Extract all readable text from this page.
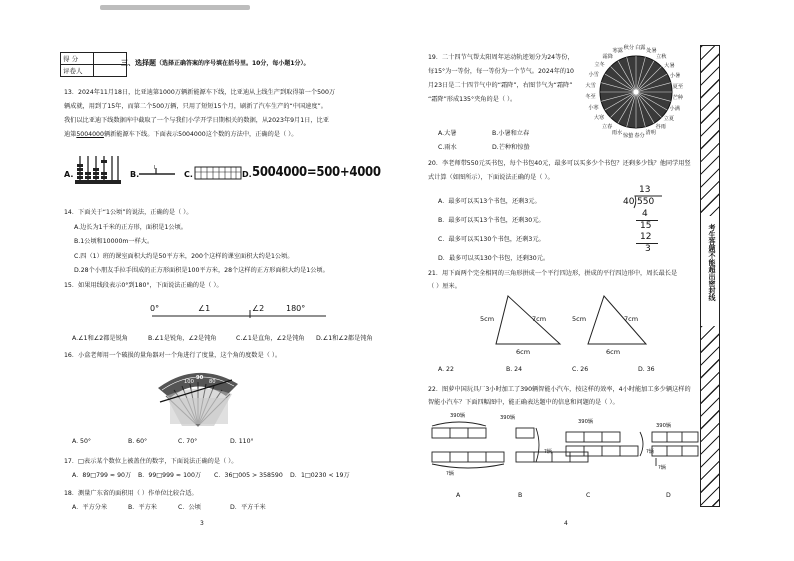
得 分	
评卷人	
三、选择题（选择正确答案的序号填在括号里。10分，每小题1分）。
13．2024年11月18日，比亚迪第1000万辆新能源车下线，比亚迪从上线生产到取得第一个500万
辆成就，用到了15年，而第二个500万辆，只用了短短15个月，刷新了汽车生产的“中国速度”。
我们以比亚迪下线数据库中截取了一个与我们小学开学日期相关的数据，从2023年9月1日，比亚
迪第5004000辆新能源车下线。下面表示5004000这个数的方法中，正确的是（ ）。
A.	B.
I
C.	D. 5004000=500+4000
14．下面关于“1公顷”的说法，正确的是（ ）。
A.边长为1千米的正方形，面积是1公顷。
B.1公顷和10000m一样大。
C.四（1）班的课室面积大约是50平方米，200个这样的课室面积大约是1公顷。
D.28个小朋友手拉手围成的正方形面积是100平方米，28个这样的正方形面积大约是1公顷。
15．如果用线段表示0°到180°，下面说法正确的是（ ）。
0°	∠1	∠2	180°
A.∠1和∠2都是锐角	B.∠1是锐角，∠2是钝角	C.∠1是直角，∠2是钝角 D.∠1和∠2都是钝角
16．小盒老师用一个破损的量角器对一个角进行了度量，这个角的度数是（ ）。
90
100	80
A. 50°	B. 60°	C. 70°	D. 110°
17．□表示某个数位上被盖住的数字，下面说法正确的是（ ）。
A．89□799 ≈ 90万 B．99□999 ≈ 100万 C．36□005 > 358590 D．1□0230 < 19万
18．测量广东省的面积用（ ）作单位比较合适。
A．平方分米	B．平方米	C．公顷	D．平方千米
3
19．二十四节气帮太阳周年运动轨迹划分为24等份，
每15°为一等份，每一等份为一个节气。2024年的10
月23日是二十四节气中的“霜降”，右图节气为“霜降”
“霜降”形成135°夹角的是（ ）。
A.大暑	B.小暑和立春
C.雨水	D.芒种和惊蛰
秋分 白露
处暑
立秋
大暑
小暑
夏至
芒种
小满
立夏
谷雨
清明
春分
惊蛰
雨水
立春
大寒
小寒
冬至
大雪
小雪
立冬
霜降
寒露
20．李老师带550元买书包，每个书包40元，最多可以买多少个书包？还剩多少钱？他同学用竖
式计算（如图所示），下面说法正确的是（ ）。
A．最多可以买13个书包，还剩3元。
B．最多可以买13个书包，还剩30元。
C．最多可以买130个书包，还剩3元。
D．最多可以买130个书包，还剩30元。
13
40 550
4
15
12
3
21．用下面两个完全相同的三角形拼成一个平行四边形，拼成的平行四边形中，周长最长是
（ ）厘米。
5cm	7cm
6cm
5cm	7cm
6cm
A. 22	B. 24	C. 26	D. 36
22．图萝中国玩具厂3小时加工了390辆智能小汽车，按这样的效率，4小时能加工多少辆这样的
智能小汽车？下面四幅图中，能正确表达题中的信息和问题的是（ ）。
390辆
?辆
390辆
?辆
390辆
?辆
390辆
?辆
A	B	C	D
4
考生答题不能超出密封线
